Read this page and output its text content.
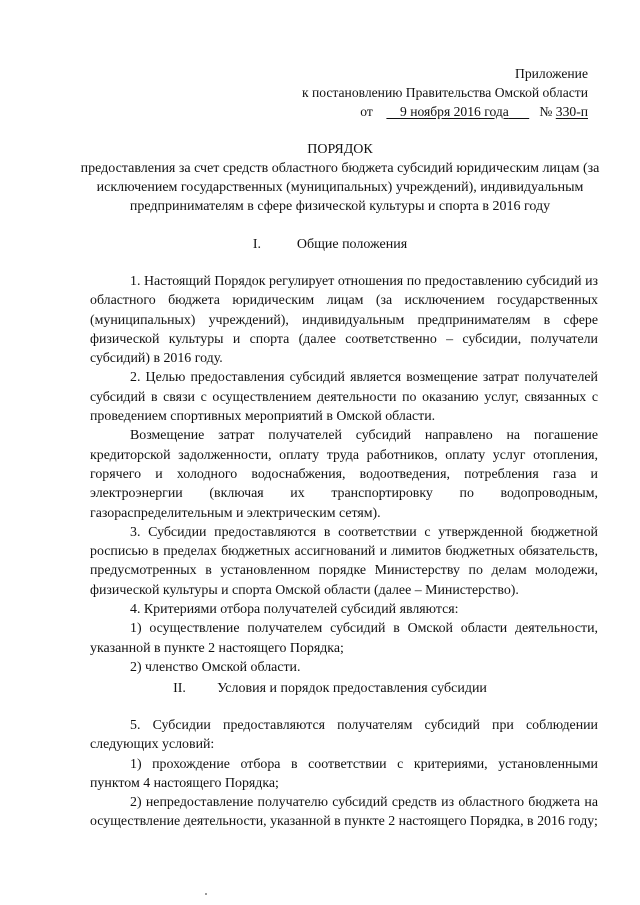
Приложение
к постановлению Правительства Омской области
от 9 ноября 2016 года № 330-п
ПОРЯДОК
предоставления за счет средств областного бюджета субсидий юридическим лицам (за исключением государственных (муниципальных) учреждений), индивидуальным предпринимателям в сфере физической культуры и спорта в 2016 году
I.	Общие положения

1. Настоящий Порядок регулирует отношения по предоставлению субсидий из областного бюджета юридическим лицам (за исключением государственных (муниципальных) учреждений), индивидуальным предпринимателям в сфере физической культуры и спорта (далее соответственно – субсидии, получатели субсидий) в 2016 году.

2. Целью предоставления субсидий является возмещение затрат получателей субсидий в связи с осуществлением деятельности по оказанию услуг, связанных с проведением спортивных мероприятий в Омской области.

Возмещение затрат получателей субсидий направлено на погашение кредиторской задолженности, оплату труда работников, оплату услуг отопления, горячего и холодного водоснабжения, водоотведения, потребления газа и электроэнергии (включая их транспортировку по водопроводным, газораспределительным и электрическим сетям).

3. Субсидии предоставляются в соответствии с утвержденной бюджетной росписью в пределах бюджетных ассигнований и лимитов бюджетных обязательств, предусмотренных в установленном порядке Министерству по делам молодежи, физической культуры и спорта Омской области (далее – Министерство).

4. Критериями отбора получателей субсидий являются:

1) осуществление получателем субсидий в Омской области деятельности, указанной в пункте 2 настоящего Порядка;

2) членство Омской области.

II. Условия и порядок предоставления субсидии

5. Субсидии предоставляются получателям субсидий при соблюдении следующих условий:

1) прохождение отбора в соответствии с критериями, установленными пунктом 4 настоящего Порядка;

2) непредоставление получателю субсидий средств из областного бюджета на осуществление деятельности, указанной в пункте 2 настоящего Порядка, в 2016 году;
